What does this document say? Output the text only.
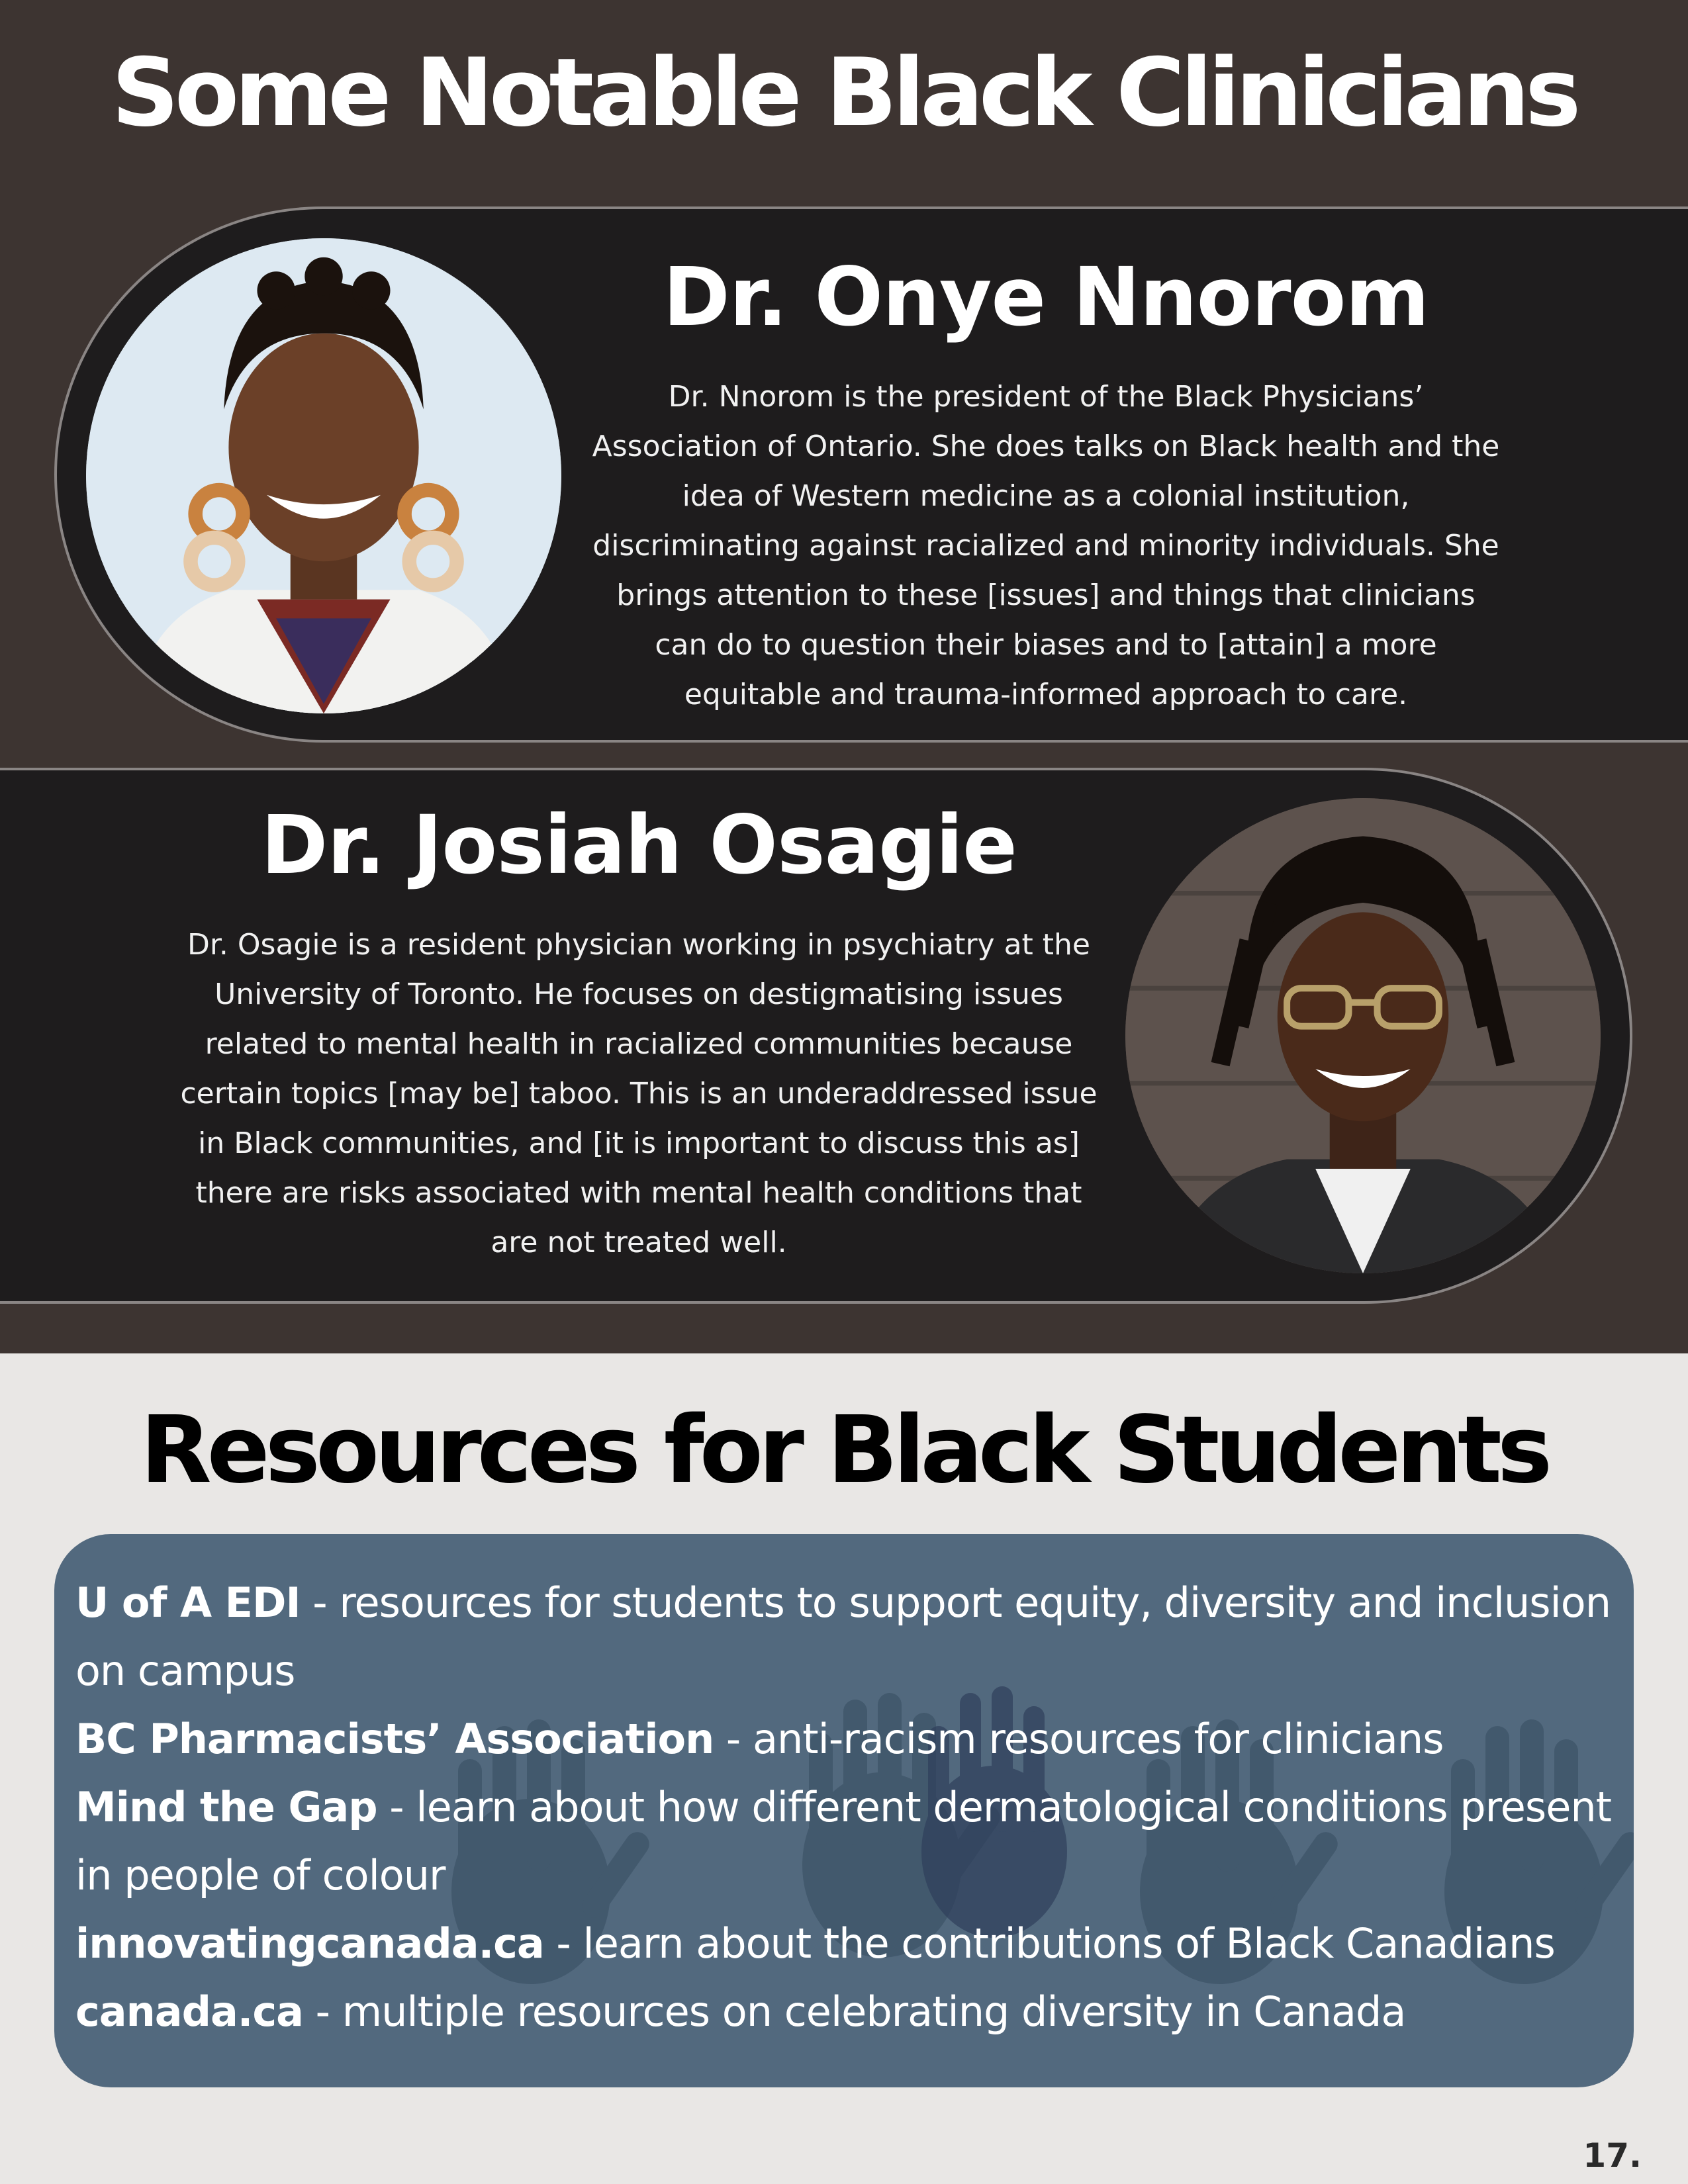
Some Notable Black Clinicians
Dr. Onye Nnorom
Dr. Nnorom is the president of the Black Physicians’
Association of Ontario. She does talks on Black health and the
idea of Western medicine as a colonial institution,
discriminating against racialized and minority individuals. She
brings attention to these [issues] and things that clinicians
can do to question their biases and to [attain] a more
equitable and trauma-informed approach to care.
Dr. Josiah Osagie
Dr. Osagie is a resident physician working in psychiatry at the
University of Toronto. He focuses on destigmatising issues
related to mental health in racialized communities because
certain topics [may be] taboo. This is an underaddressed issue
in Black communities, and [it is important to discuss this as]
there are risks associated with mental health conditions that
are not treated well.
Resources for Black Students
U of A EDI - resources for students to support equity, diversity and inclusion on campus
BC Pharmacists’ Association - anti-racism resources for clinicians
Mind the Gap - learn about how different dermatological conditions present in people of colour
innovatingcanada.ca - learn about the contributions of Black Canadians
canada.ca - multiple resources on celebrating diversity in Canada
17.
